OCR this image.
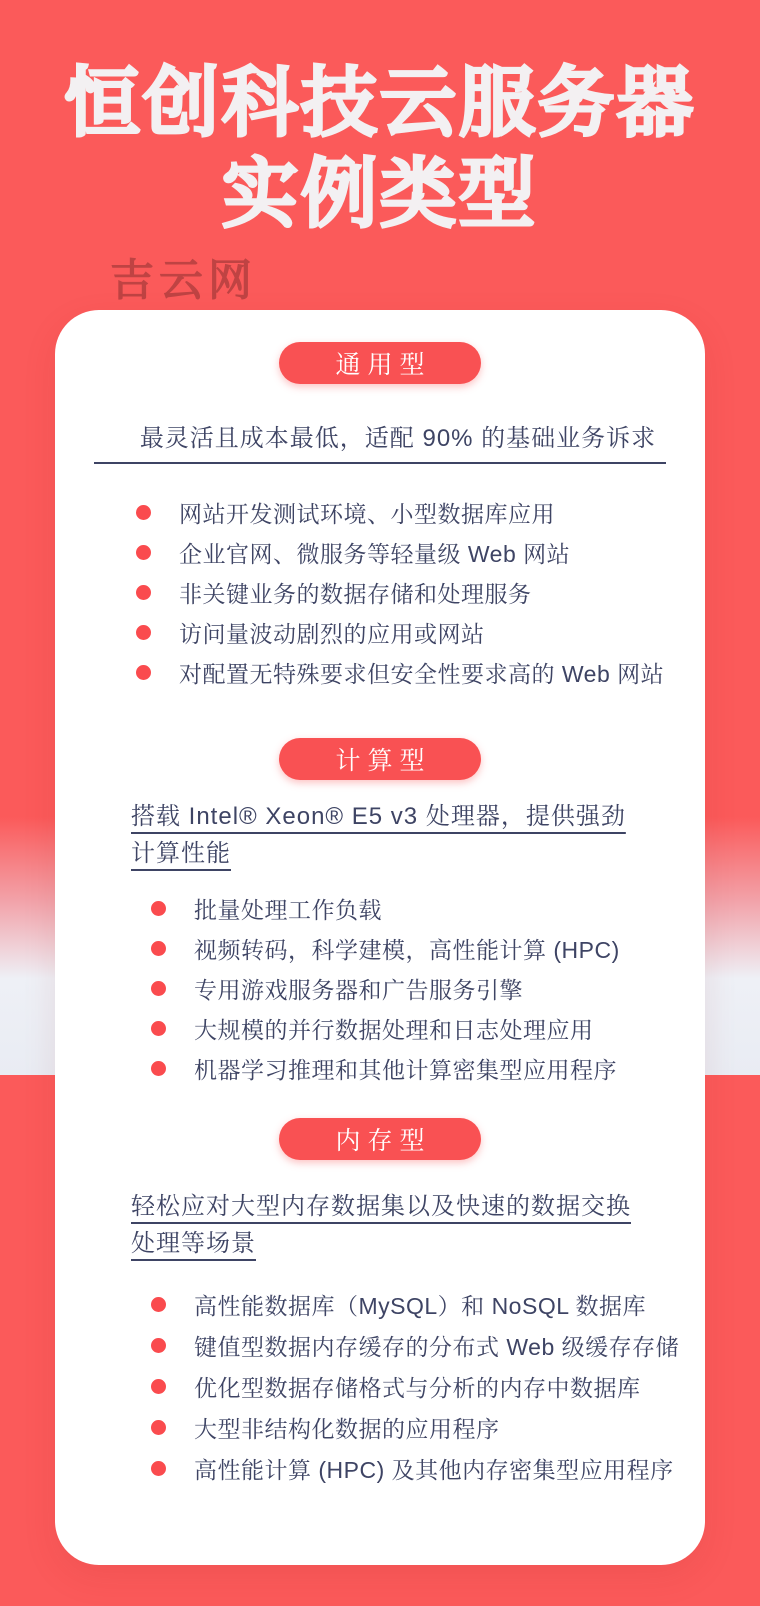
恒创科技云服务器
实例类型
吉云网
通用型
最灵活且成本最低，适配 90% 的基础业务诉求
网站开发测试环境、小型数据库应用
企业官网、微服务等轻量级 Web 网站
非关键业务的数据存储和处理服务
访问量波动剧烈的应用或网站
对配置无特殊要求但安全性要求高的 Web 网站
计算型
搭载 Intel® Xeon® E5 v3 处理器，提供强劲计算性能
批量处理工作负载
视频转码，科学建模，高性能计算 (HPC)
专用游戏服务器和广告服务引擎
大规模的并行数据处理和日志处理应用
机器学习推理和其他计算密集型应用程序
内存型
轻松应对大型内存数据集以及快速的数据交换处理等场景
高性能数据库（MySQL）和 NoSQL 数据库
键值型数据内存缓存的分布式 Web 级缓存存储
优化型数据存储格式与分析的内存中数据库
大型非结构化数据的应用程序
高性能计算 (HPC) 及其他内存密集型应用程序
